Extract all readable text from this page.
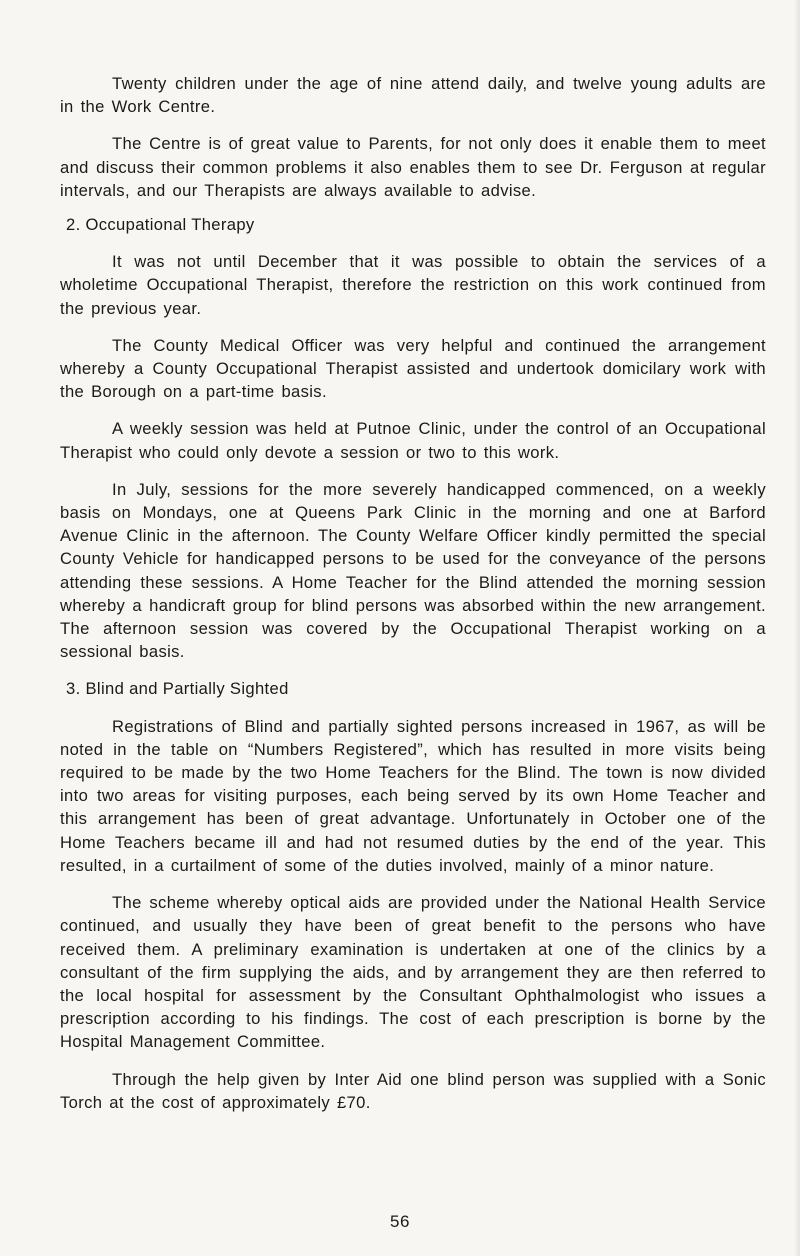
Twenty children under the age of nine attend daily, and twelve young adults are in the Work Centre.

The Centre is of great value to Parents, for not only does it enable them to meet and discuss their common problems it also enables them to see Dr. Ferguson at regular intervals, and our Therapists are always available to advise.

2. Occupational Therapy

It was not until December that it was possible to obtain the services of a wholetime Occupational Therapist, therefore the restriction on this work continued from the previous year.

The County Medical Officer was very helpful and continued the arrangement whereby a County Occupational Therapist assisted and undertook domicilary work with the Borough on a part-time basis.

A weekly session was held at Putnoe Clinic, under the control of an Occupational Therapist who could only devote a session or two to this work.

In July, sessions for the more severely handicapped commenced, on a weekly basis on Mondays, one at Queens Park Clinic in the morning and one at Barford Avenue Clinic in the afternoon. The County Welfare Officer kindly permitted the special County Vehicle for handicapped persons to be used for the conveyance of the persons attending these sessions. A Home Teacher for the Blind attended the morning session whereby a handicraft group for blind persons was absorbed within the new arrangement. The afternoon session was covered by the Occupational Therapist working on a sessional basis.

3. Blind and Partially Sighted

Registrations of Blind and partially sighted persons increased in 1967, as will be noted in the table on “Numbers Registered”, which has resulted in more visits being required to be made by the two Home Teachers for the Blind. The town is now divided into two areas for visiting purposes, each being served by its own Home Teacher and this arrangement has been of great advantage. Unfortunately in October one of the Home Teachers became ill and had not resumed duties by the end of the year. This resulted, in a curtailment of some of the duties involved, mainly of a minor nature.

The scheme whereby optical aids are provided under the National Health Service continued, and usually they have been of great benefit to the persons who have received them. A preliminary examination is undertaken at one of the clinics by a consultant of the firm supplying the aids, and by arrangement they are then referred to the local hospital for assessment by the Consultant Ophthalmologist who issues a prescription according to his findings. The cost of each prescription is borne by the Hospital Management Committee.

Through the help given by Inter Aid one blind person was supplied with a Sonic Torch at the cost of approximately £70.

56
